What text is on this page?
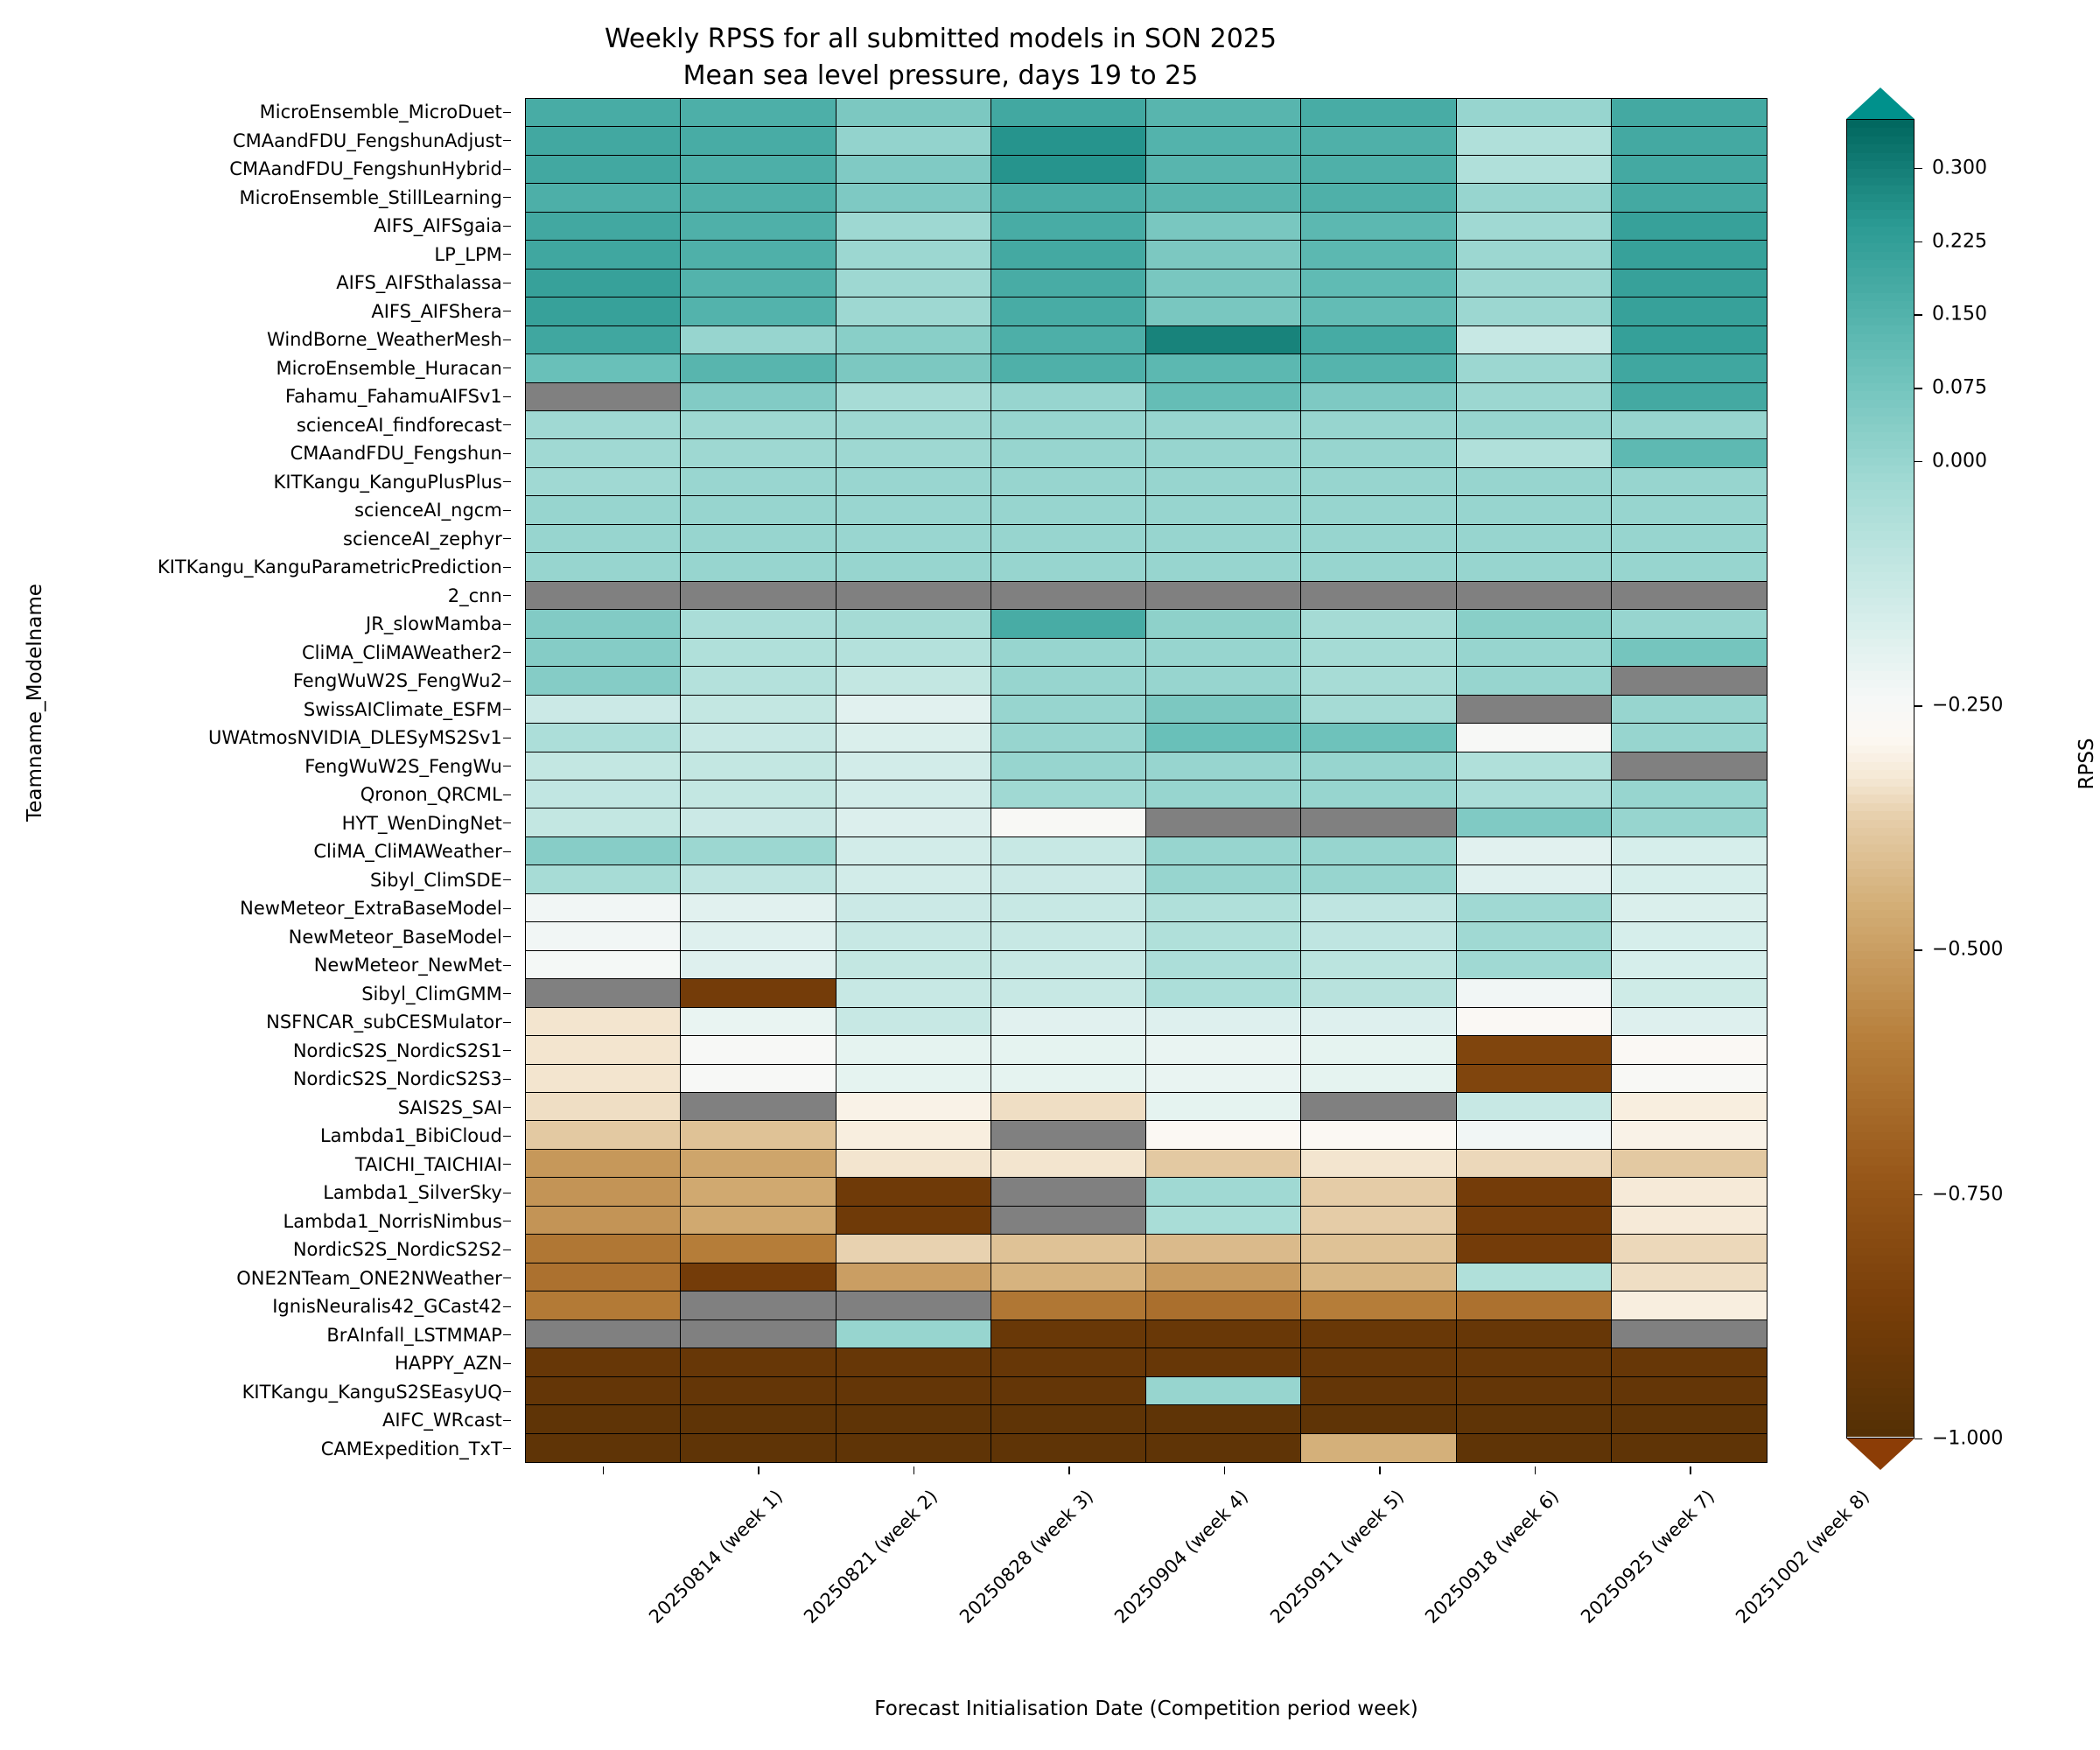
Weekly RPSS for all submitted models in SON 2025
Mean sea level pressure, days 19 to 25
Teamname_Modelname
MicroEnsemble_MicroDuet
CMAandFDU_FengshunAdjust
CMAandFDU_FengshunHybrid
MicroEnsemble_StillLearning
AIFS_AIFSgaia
LP_LPM
AIFS_AIFSthalassa
AIFS_AIFShera
WindBorne_WeatherMesh
MicroEnsemble_Huracan
Fahamu_FahamuAIFSv1
scienceAI_findforecast
CMAandFDU_Fengshun
KITKangu_KanguPlusPlus
scienceAI_ngcm
scienceAI_zephyr
KITKangu_KanguParametricPrediction
2_cnn
JR_slowMamba
CliMA_CliMAWeather2
FengWuW2S_FengWu2
SwissAIClimate_ESFM
UWAtmosNVIDIA_DLESyMS2Sv1
FengWuW2S_FengWu
Qronon_QRCML
HYT_WenDingNet
CliMA_CliMAWeather
Sibyl_ClimSDE
NewMeteor_ExtraBaseModel
NewMeteor_BaseModel
NewMeteor_NewMet
Sibyl_ClimGMM
NSFNCAR_subCESMulator
NordicS2S_NordicS2S1
NordicS2S_NordicS2S3
SAIS2S_SAI
Lambda1_BibiCloud
TAICHI_TAICHIAI
Lambda1_SilverSky
Lambda1_NorrisNimbus
NordicS2S_NordicS2S2
ONE2NTeam_ONE2NWeather
IgnisNeuralis42_GCast42
BrAInfall_LSTMMAP
HAPPY_AZN
KITKangu_KanguS2SEasyUQ
AIFC_WRcast
CAMExpedition_TxT
20250814 (week 1) 20250821 (week 2) 20250828 (week 3) 20250904 (week 4) 20250911 (week 5) 20250918 (week 6) 20250925 (week 7) 20251002 (week 8)
Forecast Initialisation Date (Competition period week)
RPSS
0.300
0.225
0.150
0.075
0.000
−0.250
−0.500
−0.750
−1.000
